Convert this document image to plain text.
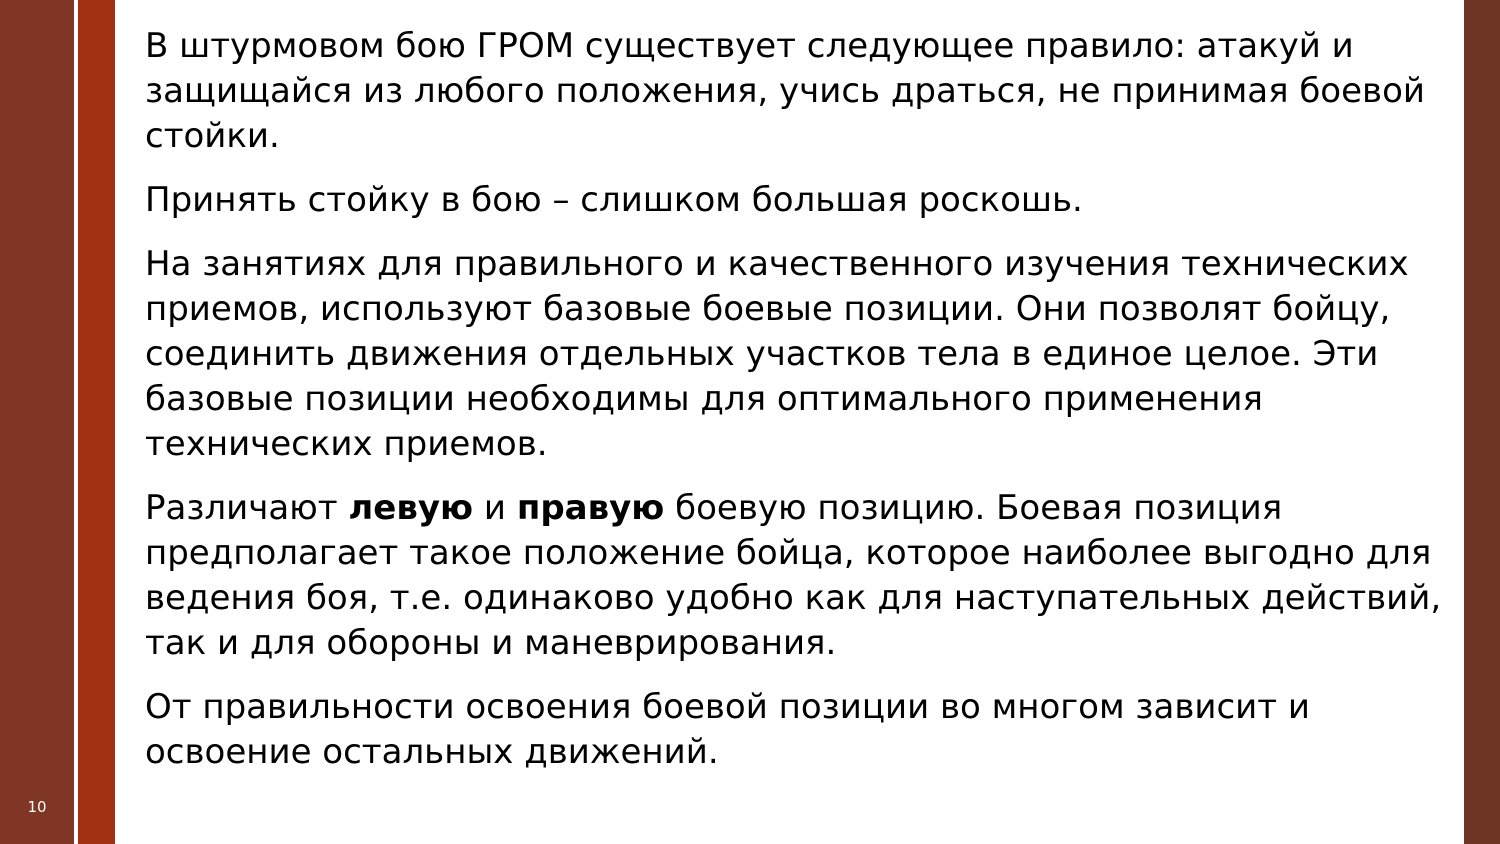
10

В штурмовом бою ГРОМ существует следующее правило: атакуй и защищайся из любого положения, учись драться, не принимая боевой стойки.

Принять стойку в бою – слишком большая роскошь.

На занятиях для правильного и качественного изучения технических приемов, используют базовые боевые позиции. Они позволят бойцу, соединить движения отдельных участков тела в единое целое. Эти базовые позиции необходимы для оптимального применения технических приемов.

Различают левую и правую боевую позицию. Боевая позиция предполагает такое положение бойца, которое наиболее выгодно для ведения боя, т.е. одинаково удобно как для наступательных действий, так и для обороны и маневрирования.

От правильности освоения боевой позиции во многом зависит и освоение остальных движений.
